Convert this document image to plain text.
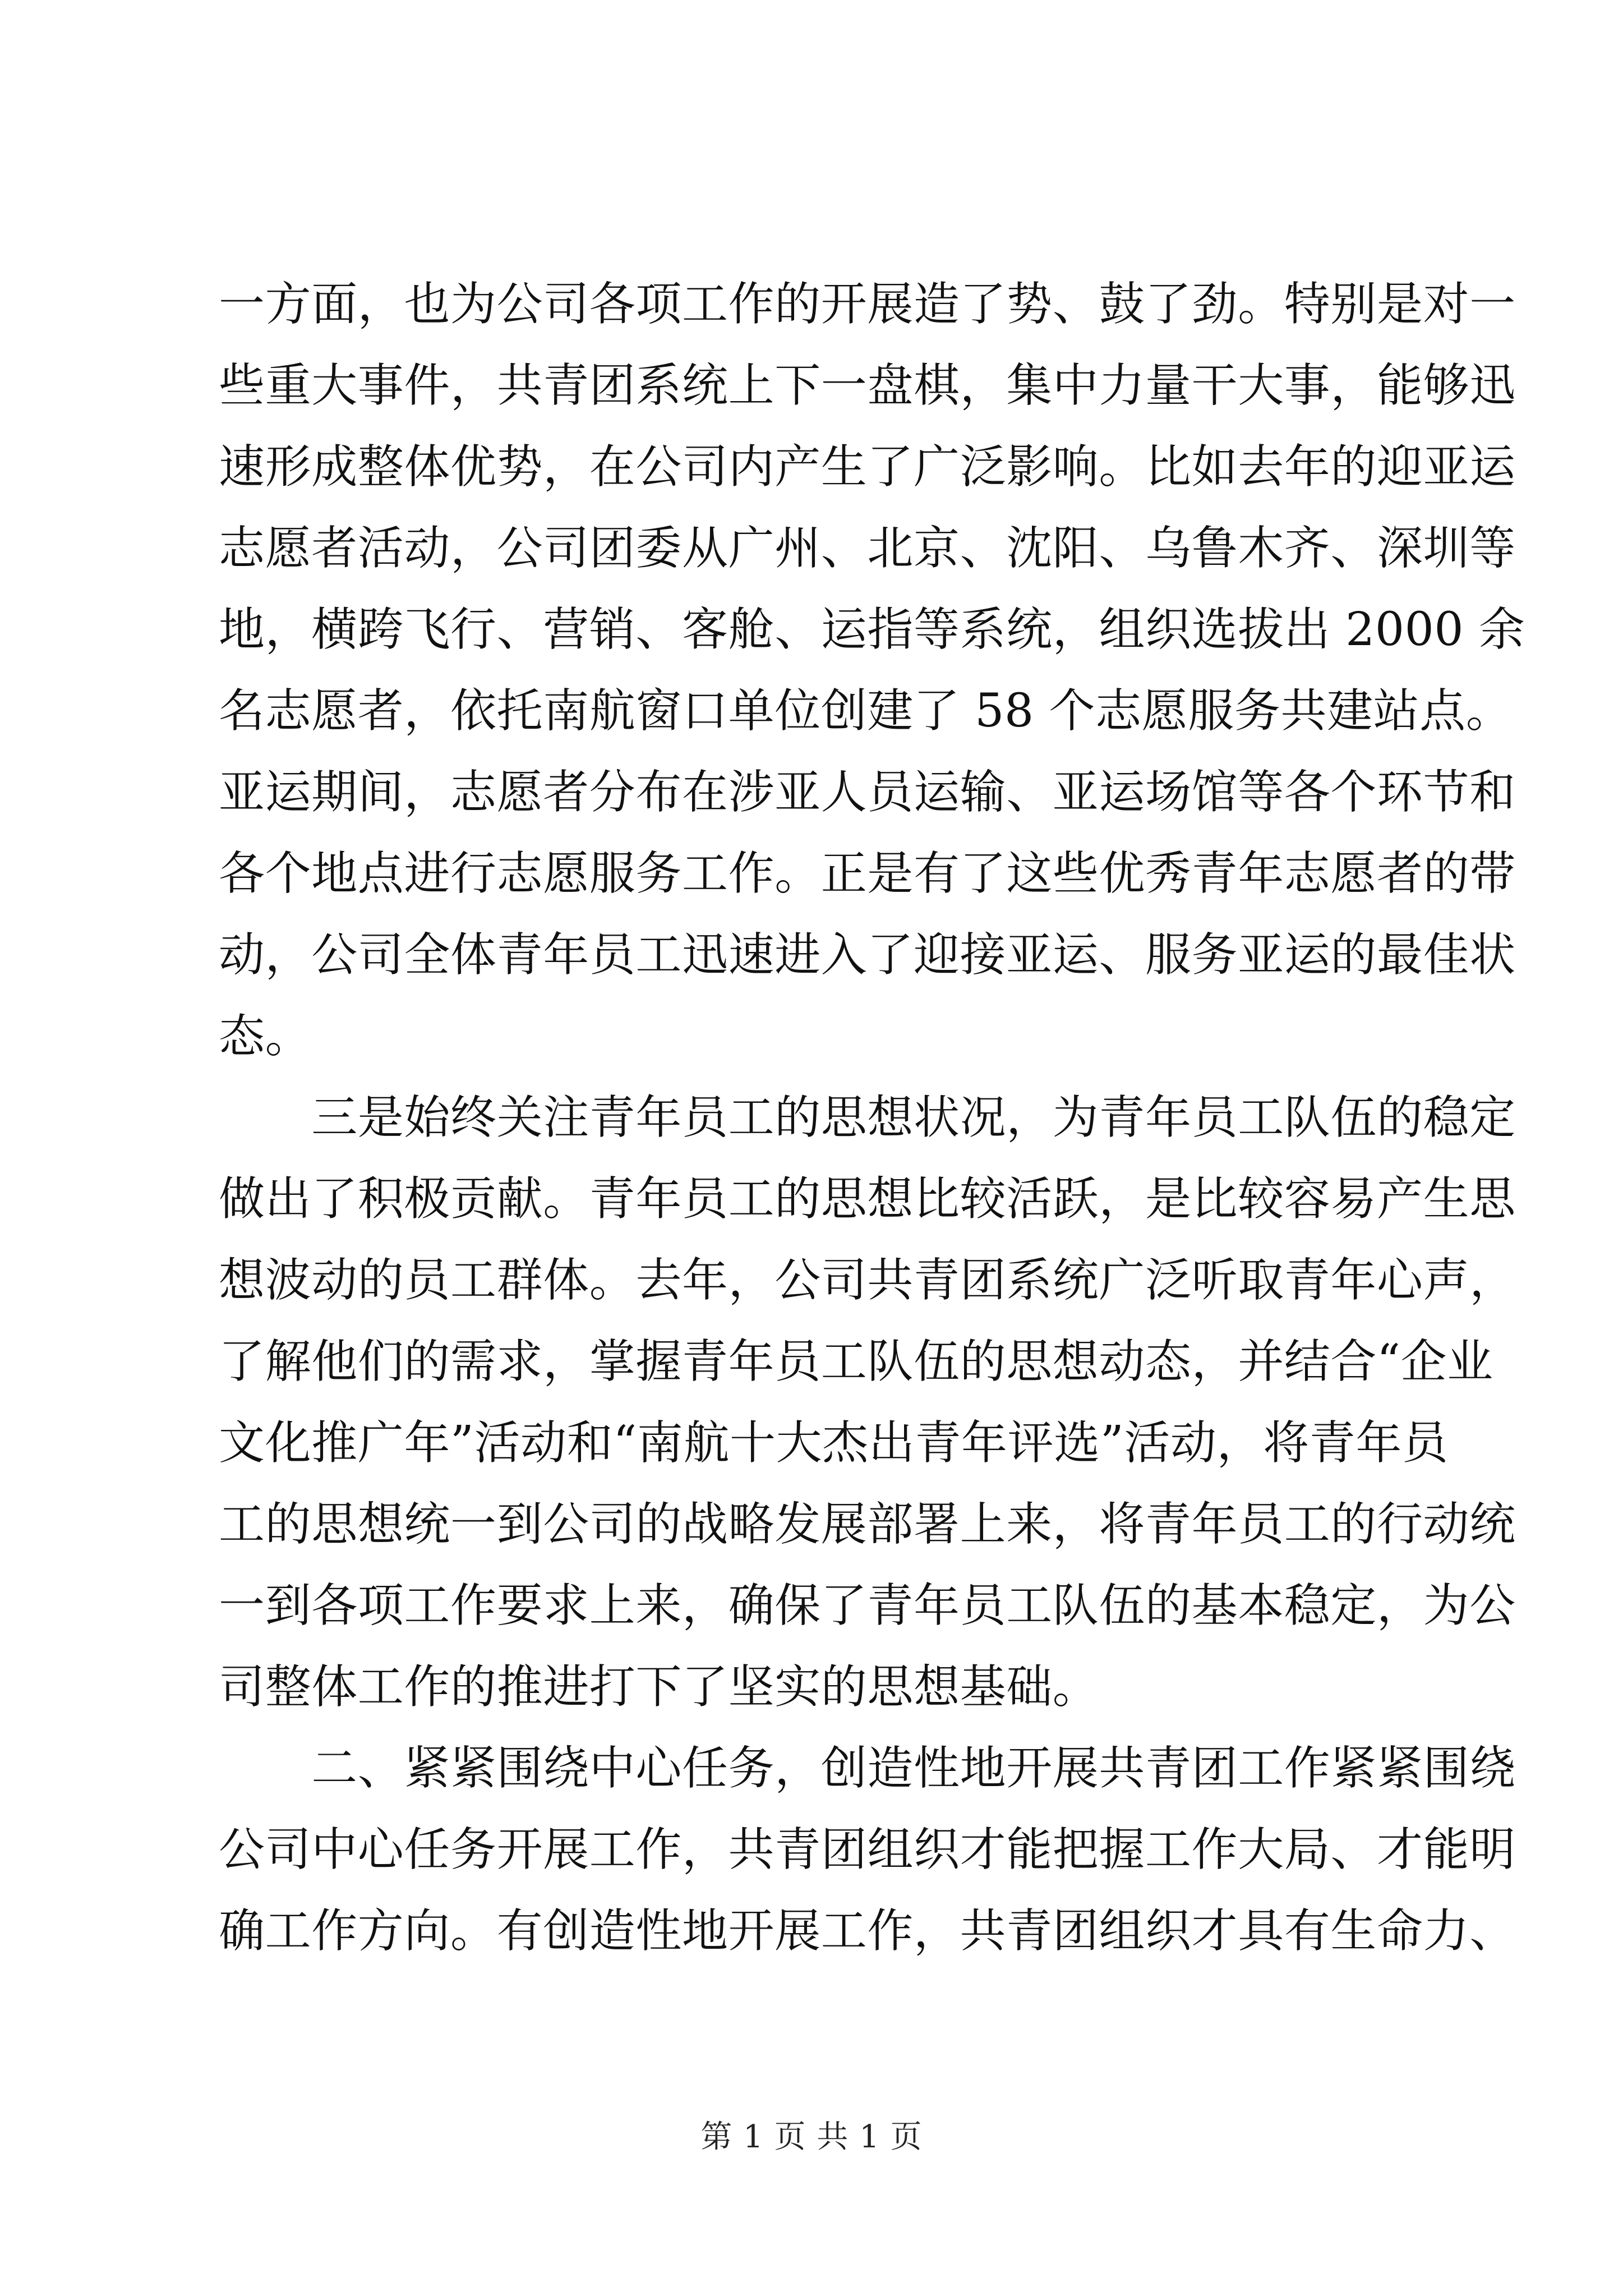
一方面，也为公司各项工作的开展造了势、鼓了劲。特别是对一
些重大事件，共青团系统上下一盘棋，集中力量干大事，能够迅
速形成整体优势，在公司内产生了广泛影响。比如去年的迎亚运
志愿者活动，公司团委从广州、北京、沈阳、乌鲁木齐、深圳等
地，横跨飞行、营销、客舱、运指等系统，组织选拔出 2000 余
名志愿者，依托南航窗口单位创建了 58 个志愿服务共建站点。
亚运期间，志愿者分布在涉亚人员运输、亚运场馆等各个环节和
各个地点进行志愿服务工作。正是有了这些优秀青年志愿者的带
动，公司全体青年员工迅速进入了迎接亚运、服务亚运的最佳状
态。
　　三是始终关注青年员工的思想状况，为青年员工队伍的稳定
做出了积极贡献。青年员工的思想比较活跃，是比较容易产生思
想波动的员工群体。去年，公司共青团系统广泛听取青年心声，
了解他们的需求，掌握青年员工队伍的思想动态，并结合“企业
文化推广年”活动和“南航十大杰出青年评选”活动，将青年员
工的思想统一到公司的战略发展部署上来，将青年员工的行动统
一到各项工作要求上来，确保了青年员工队伍的基本稳定，为公
司整体工作的推进打下了坚实的思想基础。
　　二、紧紧围绕中心任务，创造性地开展共青团工作紧紧围绕
公司中心任务开展工作，共青团组织才能把握工作大局、才能明
确工作方向。有创造性地开展工作，共青团组织才具有生命力、
第 1 页 共 1 页
